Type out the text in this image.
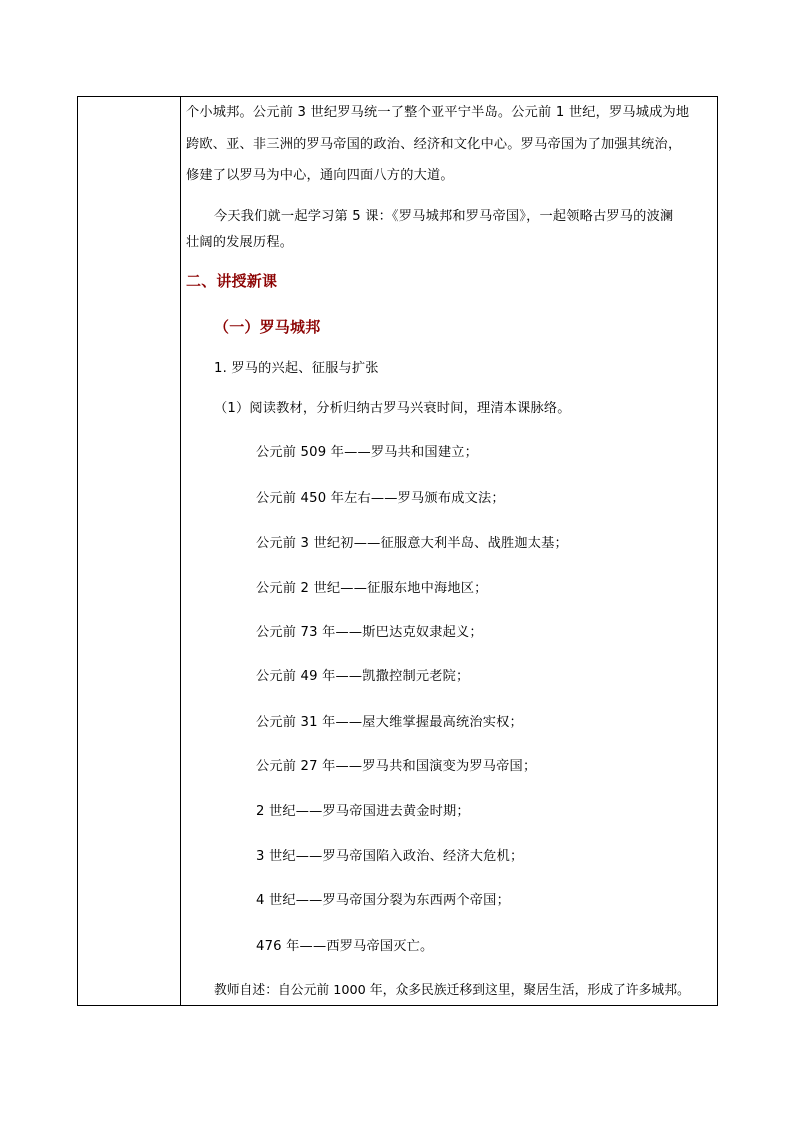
个小城邦。公元前 3 世纪罗马统一了整个亚平宁半岛。公元前 1 世纪，罗马城成为地
跨欧、亚、非三洲的罗马帝国的政治、经济和文化中心。罗马帝国为了加强其统治，
修建了以罗马为中心，通向四面八方的大道。
今天我们就一起学习第 5 课：《罗马城邦和罗马帝国》，一起领略古罗马的波澜
壮阔的发展历程。
二、讲授新课
（一）罗马城邦
1. 罗马的兴起、征服与扩张
（1）阅读教材，分析归纳古罗马兴衰时间，理清本课脉络。
公元前 509 年——罗马共和国建立；
公元前 450 年左右——罗马颁布成文法；
公元前 3 世纪初——征服意大利半岛、战胜迦太基；
公元前 2 世纪——征服东地中海地区；
公元前 73 年——斯巴达克奴隶起义；
公元前 49 年——凯撒控制元老院；
公元前 31 年——屋大维掌握最高统治实权；
公元前 27 年——罗马共和国演变为罗马帝国；
2 世纪——罗马帝国进去黄金时期；
3 世纪——罗马帝国陷入政治、经济大危机；
4 世纪——罗马帝国分裂为东西两个帝国；
476 年——西罗马帝国灭亡。
教师自述：自公元前 1000 年，众多民族迁移到这里，聚居生活，形成了许多城邦。
